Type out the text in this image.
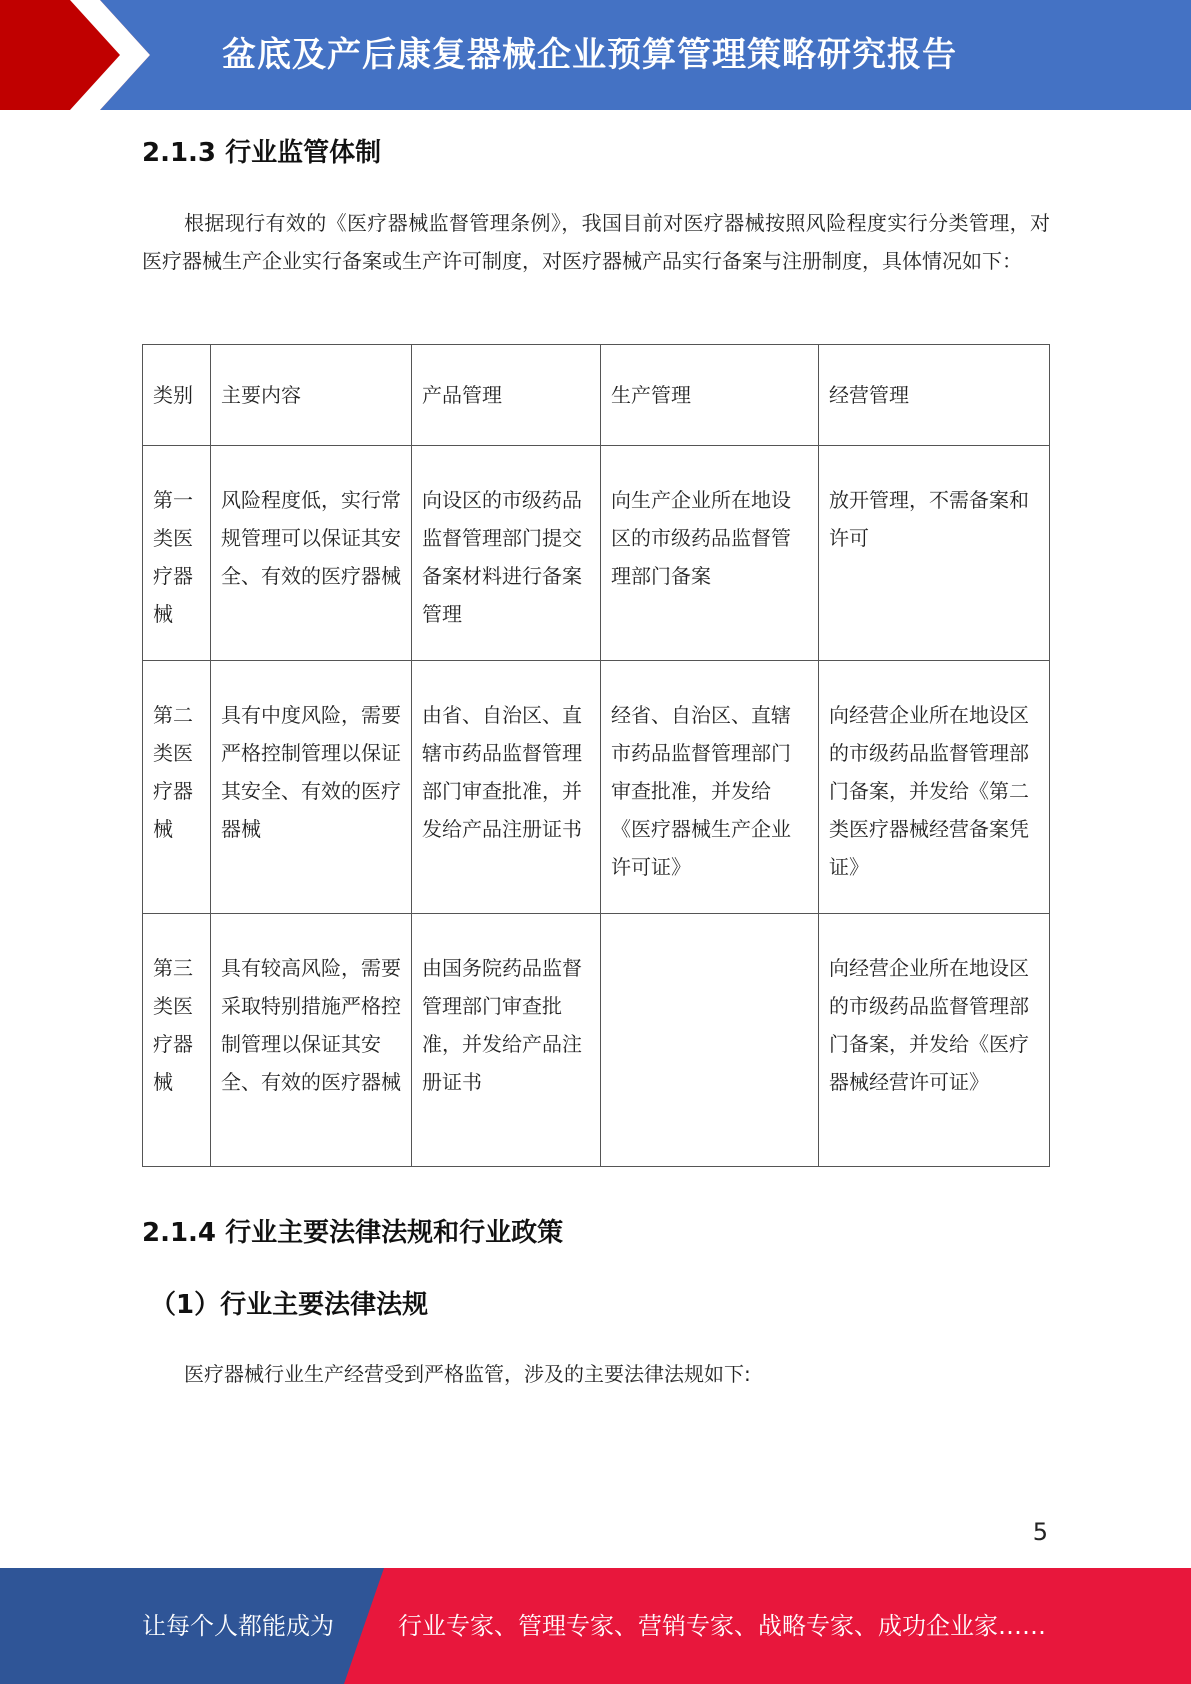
盆底及产后康复器械企业预算管理策略研究报告
2.1.3 行业监管体制

根据现行有效的《医疗器械监督管理条例》，我国目前对医疗器械按照风险程度实行分类管理，对医疗器械生产企业实行备案或生产许可制度，对医疗器械产品实行备案与注册制度，具体情况如下：

类别	主要内容	产品管理	生产管理	经营管理
第一类医疗器械	风险程度低，实行常规管理可以保证其安全、有效的医疗器械	向设区的市级药品监督管理部门提交备案材料进行备案管理	向生产企业所在地设区的市级药品监督管理部门备案	放开管理，不需备案和许可
第二类医疗器械	具有中度风险，需要严格控制管理以保证其安全、有效的医疗器械	由省、自治区、直辖市药品监督管理部门审查批准，并发给产品注册证书	经省、自治区、直辖市药品监督管理部门审查批准，并发给《医疗器械生产企业许可证》	向经营企业所在地设区的市级药品监督管理部门备案，并发给《第二类医疗器械经营备案凭证》
第三类医疗器械	具有较高风险，需要采取特别措施严格控制管理以保证其安全、有效的医疗器械	由国务院药品监督管理部门审查批准，并发给产品注册证书		向经营企业所在地设区的市级药品监督管理部门备案，并发给《医疗器械经营许可证》
2.1.4 行业主要法律法规和行业政策
（1）行业主要法律法规

医疗器械行业生产经营受到严格监管，涉及的主要法律法规如下:

5
让每个人都能成为	行业专家、管理专家、营销专家、战略专家、成功企业家……
